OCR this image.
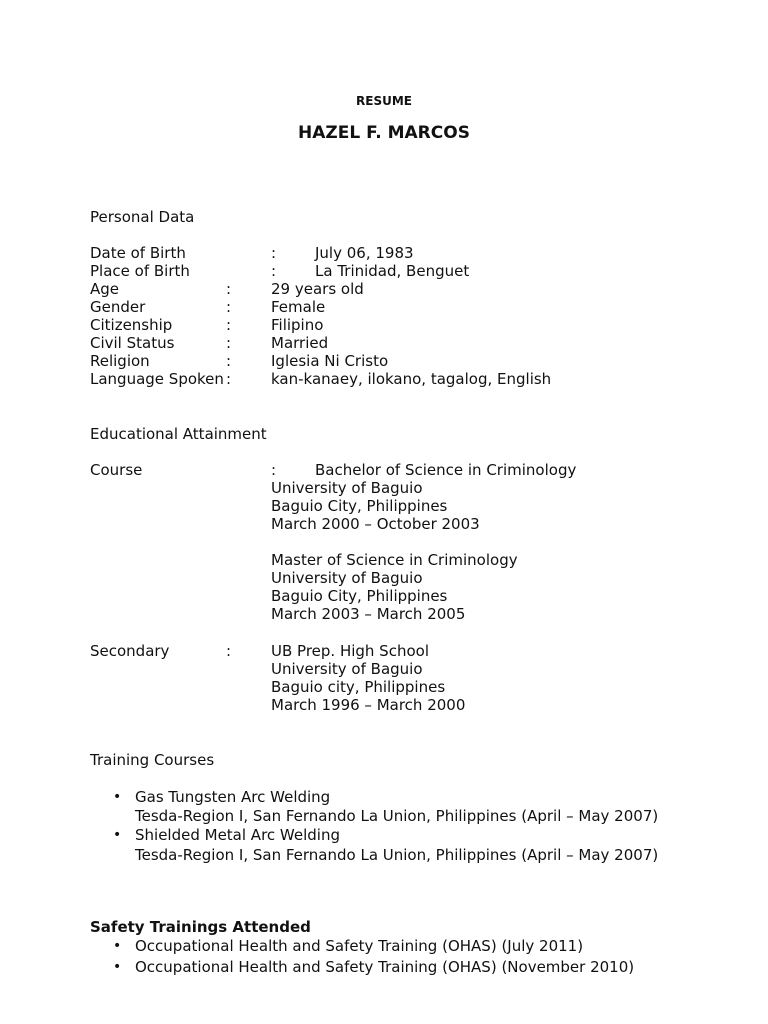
RESUME
HAZEL F. MARCOS
Personal Data
Date of Birth	:	July 06, 1983
Place of Birth	:	La Trinidad, Benguet
Age	:	29 years old
Gender	:	Female
Citizenship	:	Filipino
Civil Status	:	Married
Religion	:	Iglesia Ni Cristo
Language Spoken :	kan-kanaey, ilokano, tagalog, English
Educational Attainment
Course	:	Bachelor of Science in Criminology
University of Baguio
Baguio City, Philippines
March 2000 – October 2003
Master of Science in Criminology
University of Baguio
Baguio City, Philippines
March 2003 – March 2005
Secondary	:	UB Prep. High School
University of Baguio
Baguio city, Philippines
March 1996 – March 2000
Training Courses
• Gas Tungsten Arc Welding
Tesda-Region I, San Fernando La Union, Philippines (April – May 2007)
• Shielded Metal Arc Welding
Tesda-Region I, San Fernando La Union, Philippines (April – May 2007)
Safety Trainings Attended
• Occupational Health and Safety Training (OHAS) (July 2011)
• Occupational Health and Safety Training (OHAS) (November 2010)
